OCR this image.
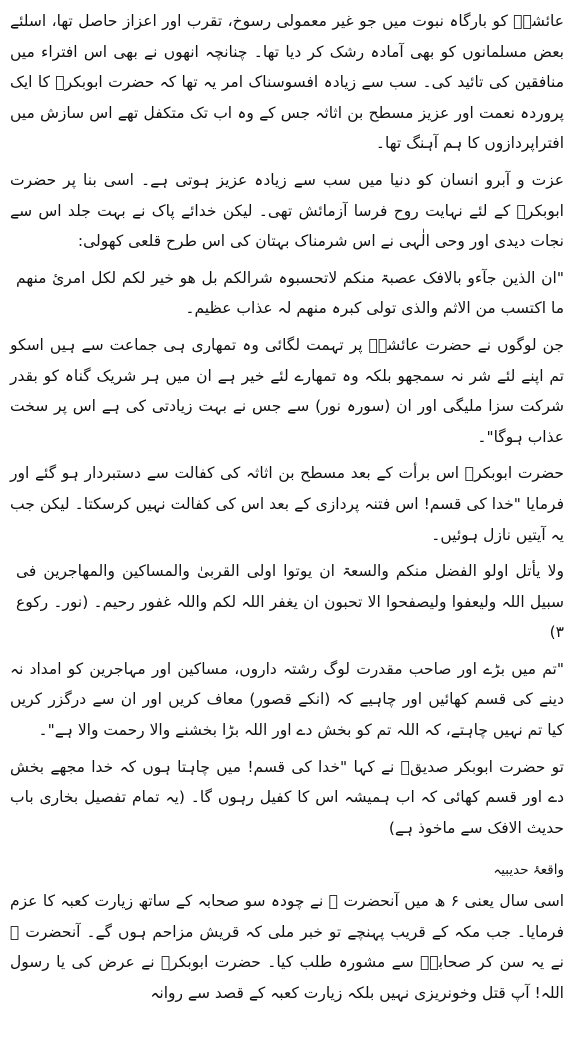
عائشہؓ کو بارگاہ نبوت میں جو غیر معمولی رسوخ، تقرب اور اعزاز حاصل تھا، اسلئے بعض مسلمانوں کو بھی آمادہ رشک کر دیا تھا۔ چنانچہ انھوں نے بھی اس افتراء میں منافقین کی تائید کی۔ سب سے زیادہ افسوسناک امر یہ تھا کہ حضرت ابوبکرؓ کا ایک پروردہ نعمت اور عزیز مسطح بن اثاثہ جس کے وہ اب تک متکفل تھے اس سازش میں افتراپردازوں کا ہم آہنگ تھا۔

عزت و آبرو انسان کو دنیا میں سب سے زیادہ عزیز ہوتی ہے۔ اسی بنا پر حضرت ابوبکرؓ کے لئے نہایت روح فرسا آزمائش تھی۔ لیکن خدائے پاک نے بہت جلد اس سے نجات دیدی اور وحی الٰہی نے اس شرمناک بہتان کی اس طرح قلعی کھولی:

"ان الذین جآءو بالافک عصبۃ منکم لاتحسبوہ شرالکم بل ھو خیر لکم لکل امرئ منھم ما اکتسب من الاثم والذی تولی کبرہ منھم لہ عذاب عظیم۔

جن لوگوں نے حضرت عائشہؓ پر تہمت لگائی وہ تمھاری ہی جماعت سے ہیں اسکو تم اپنے لئے شر نہ سمجھو بلکہ وہ تمھارے لئے خیر ہے ان میں ہر شریک گناہ کو بقدر شرکت سزا ملیگی اور ان (سورہ نور) سے جس نے بہت زیادتی کی ہے اس پر سخت عذاب ہوگا"۔

حضرت ابوبکرؓ اس برأت کے بعد مسطح بن اثاثہ کی کفالت سے دستبردار ہو گئے اور فرمایا "خدا کی قسم! اس فتنہ پردازی کے بعد اس کی کفالت نہیں کرسکتا۔ لیکن جب یہ آیتیں نازل ہوئیں۔

ولا یأتل اولو الفضل منکم والسعۃ ان یوتوا اولی القربیٰ والمساکین والمھاجرین فی سبیل اللہ ولیعفوا ولیصفحوا الا تحبون ان یغفر اللہ لکم واللہ غفور رحیم۔ (نور۔ رکوع ۳)

"تم میں بڑے اور صاحب مقدرت لوگ رشتہ داروں، مساکین اور مہاجرین کو امداد نہ دینے کی قسم کھائیں اور چاہیے کہ (انکے قصور) معاف کریں اور ان سے درگزر کریں کیا تم نہیں چاہتے، کہ اللہ تم کو بخش دے اور اللہ بڑا بخشنے والا رحمت والا ہے"۔

تو حضرت ابوبکر صدیقؓ نے کہا "خدا کی قسم! میں چاہتا ہوں کہ خدا مجھے بخش دے اور قسم کھائی کہ اب ہمیشہ اس کا کفیل رہوں گا۔ (یہ تمام تفصیل بخاری باب حدیث الافک سے ماخوذ ہے)

واقعۂ حدیبیہ

اسی سال یعنی ۶ ھ میں آنحضرت ﷺ نے چودہ سو صحابہ کے ساتھ زیارت کعبہ کا عزم فرمایا۔ جب مکہ کے قریب پہنچے تو خبر ملی کہ قریش مزاحم ہوں گے۔ آنحضرت ﷺ نے یہ سن کر صحابہؓ سے مشورہ طلب کیا۔ حضرت ابوبکرؓ نے عرض کی یا رسول اللہ! آپ قتل وخونریزی نہیں بلکہ زیارت کعبہ کے قصد سے روانہ
